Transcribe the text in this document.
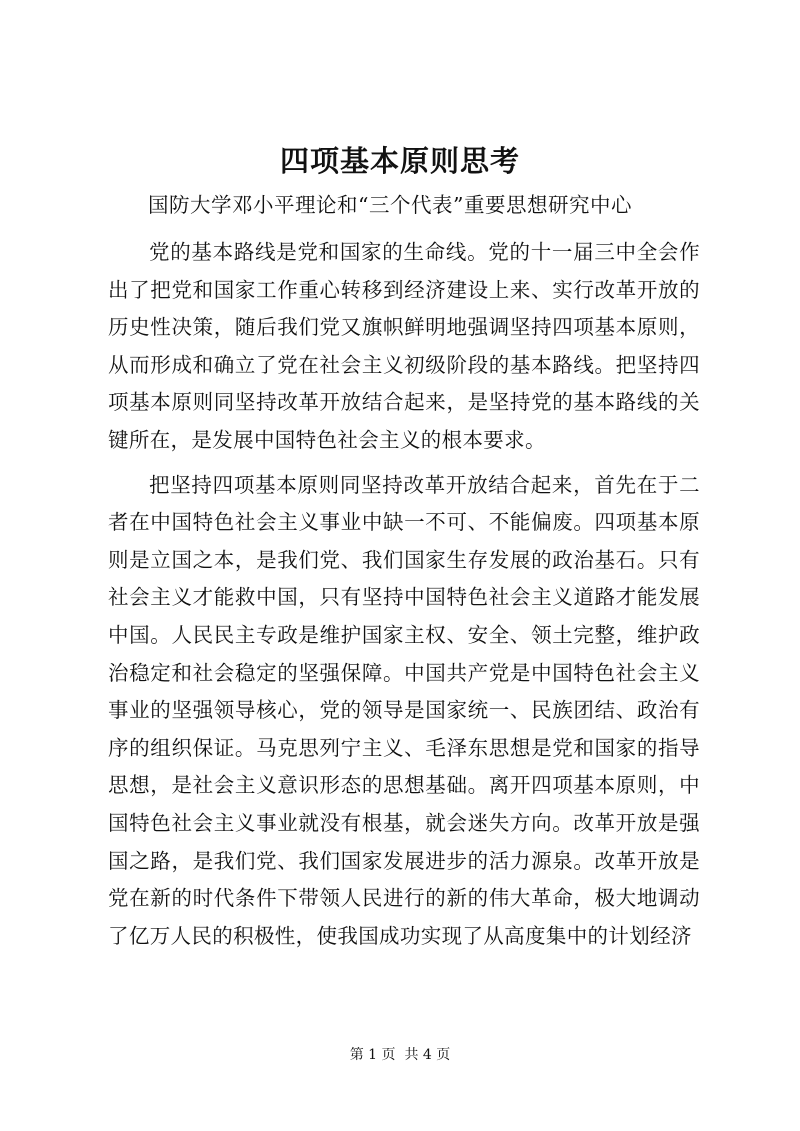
四项基本原则思考

国防大学邓小平理论和“三个代表”重要思想研究中心

党的基本路线是党和国家的生命线。党的十一届三中全会作出了把党和国家工作重心转移到经济建设上来、实行改革开放的历史性决策，随后我们党又旗帜鲜明地强调坚持四项基本原则，从而形成和确立了党在社会主义初级阶段的基本路线。把坚持四项基本原则同坚持改革开放结合起来，是坚持党的基本路线的关键所在，是发展中国特色社会主义的根本要求。

把坚持四项基本原则同坚持改革开放结合起来，首先在于二者在中国特色社会主义事业中缺一不可、不能偏废。四项基本原则是立国之本，是我们党、我们国家生存发展的政治基石。只有社会主义才能救中国，只有坚持中国特色社会主义道路才能发展中国。人民民主专政是维护国家主权、安全、领土完整，维护政治稳定和社会稳定的坚强保障。中国共产党是中国特色社会主义事业的坚强领导核心，党的领导是国家统一、民族团结、政治有序的组织保证。马克思列宁主义、毛泽东思想是党和国家的指导思想，是社会主义意识形态的思想基础。离开四项基本原则，中国特色社会主义事业就没有根基，就会迷失方向。改革开放是强国之路，是我们党、我们国家发展进步的活力源泉。改革开放是党在新的时代条件下带领人民进行的新的伟大革命，极大地调动了亿万人民的积极性，使我国成功实现了从高度集中的计划经济

第 1 页  共 4 页
